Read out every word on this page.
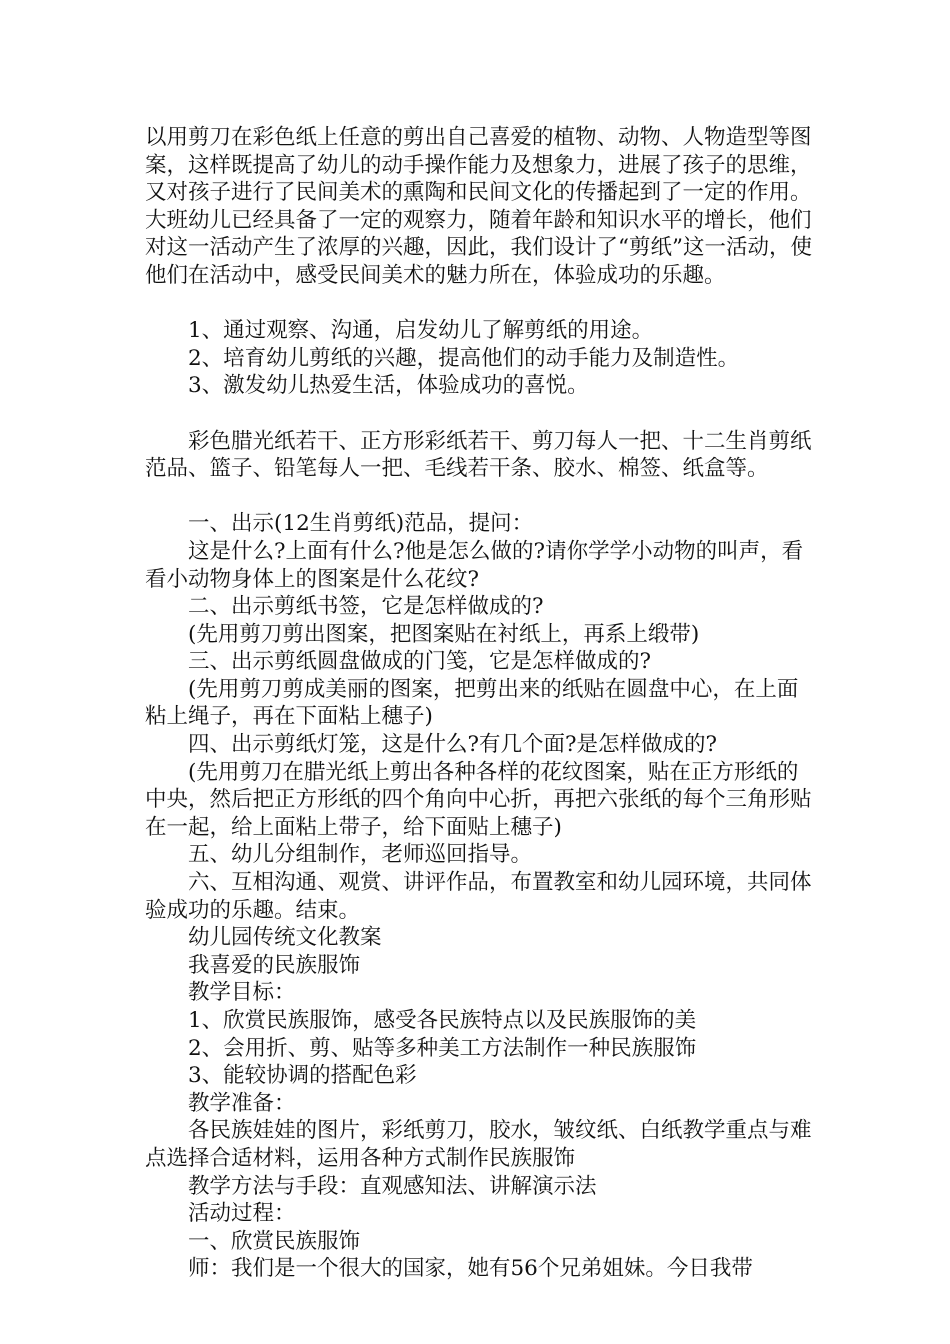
以用剪刀在彩色纸上任意的剪出自己喜爱的植物、动物、人物造型等图案，这样既提高了幼儿的动手操作能力及想象力，进展了孩子的思维，又对孩子进行了民间美术的熏陶和民间文化的传播起到了一定的作用。大班幼儿已经具备了一定的观察力，随着年龄和知识水平的增长，他们对这一活动产生了浓厚的兴趣，因此，我们设计了“剪纸”这一活动，使他们在活动中，感受民间美术的魅力所在，体验成功的乐趣。

1、通过观察、沟通，启发幼儿了解剪纸的用途。

2、培育幼儿剪纸的兴趣，提高他们的动手能力及制造性。

3、激发幼儿热爱生活，体验成功的喜悦。

彩色腊光纸若干、正方形彩纸若干、剪刀每人一把、十二生肖剪纸范品、篮子、铅笔每人一把、毛线若干条、胶水、棉签、纸盒等。

一、出示(12生肖剪纸)范品，提问：

这是什么?上面有什么?他是怎么做的?请你学学小动物的叫声，看看小动物身体上的图案是什么花纹?

二、出示剪纸书签，它是怎样做成的?

(先用剪刀剪出图案，把图案贴在衬纸上，再系上缎带)

三、出示剪纸圆盘做成的门笺，它是怎样做成的?

(先用剪刀剪成美丽的图案，把剪出来的纸贴在圆盘中心，在上面粘上绳子，再在下面粘上穗子)

四、出示剪纸灯笼，这是什么?有几个面?是怎样做成的?

(先用剪刀在腊光纸上剪出各种各样的花纹图案，贴在正方形纸的中央，然后把正方形纸的四个角向中心折，再把六张纸的每个三角形贴在一起，给上面粘上带子，给下面贴上穗子)

五、幼儿分组制作，老师巡回指导。

六、互相沟通、观赏、讲评作品，布置教室和幼儿园环境，共同体验成功的乐趣。结束。

幼儿园传统文化教案

我喜爱的民族服饰

教学目标：

1、欣赏民族服饰，感受各民族特点以及民族服饰的美

2、会用折、剪、贴等多种美工方法制作一种民族服饰

3、能较协调的搭配色彩

教学准备：

各民族娃娃的图片，彩纸剪刀，胶水，皱纹纸、白纸教学重点与难点选择合适材料，运用各种方式制作民族服饰

教学方法与手段：直观感知法、讲解演示法

活动过程：

一、欣赏民族服饰

师：我们是一个很大的国家，她有56个兄弟姐妹。今日我带
